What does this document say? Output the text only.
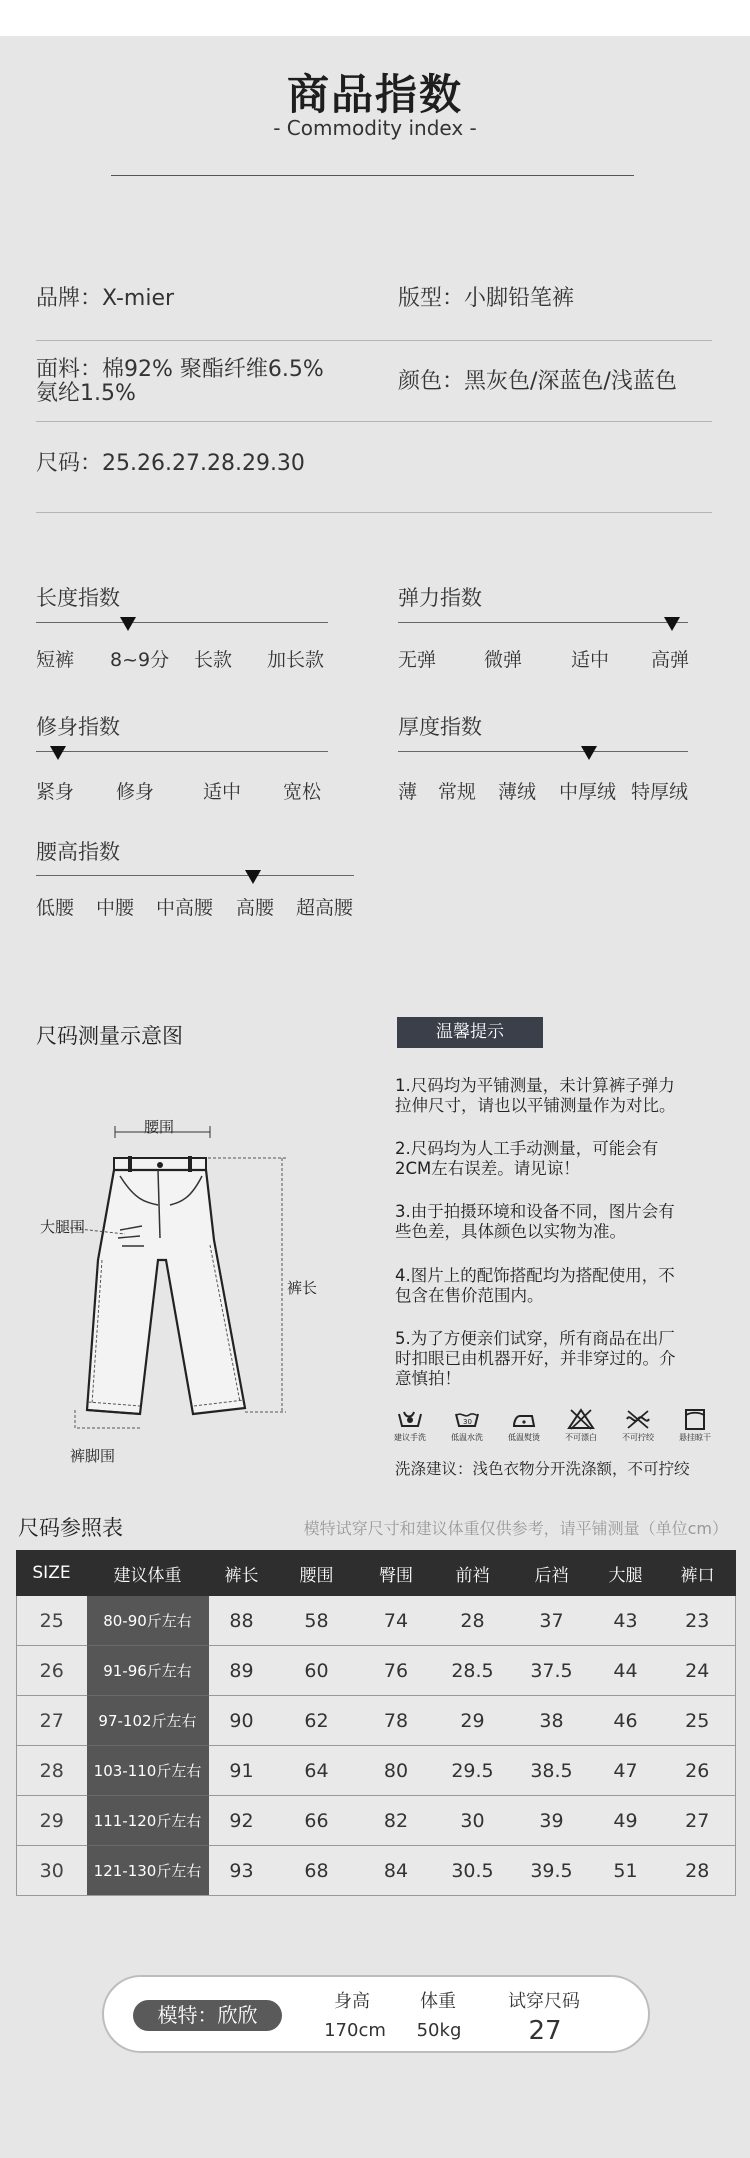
商品指数
- Commodity index -
品牌：X-mier	版型：小脚铅笔裤
面料：棉92% 聚酯纤维6.5%
氨纶1.5%	颜色：黑灰色/深蓝色/浅蓝色
尺码：25.26.27.28.29.30
长度指数
短裤 8~9分 长款 加长款
弹力指数
无弹	微弹	适中 高弹
修身指数
紧身 修身	适中 宽松
厚度指数
薄 常规 薄绒 中厚绒 特厚绒
腰高指数
低腰 中腰 中高腰 高腰 超高腰
尺码测量示意图
腰围
大腿围
裤长
裤脚围
温馨提示
1.尺码均为平铺测量，未计算裤子弹力
拉伸尺寸，请也以平铺测量作为对比。
2.尺码均为人工手动测量，可能会有
2CM左右误差。请见谅！
3.由于拍摄环境和设备不同，图片会有
些色差，具体颜色以实物为准。
4.图片上的配饰搭配均为搭配使用，不
包含在售价范围内。
5.为了方便亲们试穿，所有商品在出厂
时扣眼已由机器开好，并非穿过的。介
意慎拍！
建议手洗
30
低温水洗	低温熨烫	不可漂白	不可拧绞	悬挂晾干
洗涤建议：浅色衣物分开洗涤额，不可拧绞
尺码参照表	模特试穿尺寸和建议体重仅供参考，请平铺测量（单位cm）
SIZE	建议体重	裤长	腰围	臀围	前裆	后裆	大腿	裤口
25	80-90斤左右	88	58	74	28	37	43	23
26	91-96斤左右	89	60	76	28.5	37.5	44	24
27	97-102斤左右	90	62	78	29	38	46	25
28	103-110斤左右	91	64	80	29.5	38.5	47	26
29	111-120斤左右	92	66	82	30	39	49	27
30	121-130斤左右	93	68	84	30.5	39.5	51	28
模特：欣欣
身高
170cm
体重
50kg
试穿尺码
27
